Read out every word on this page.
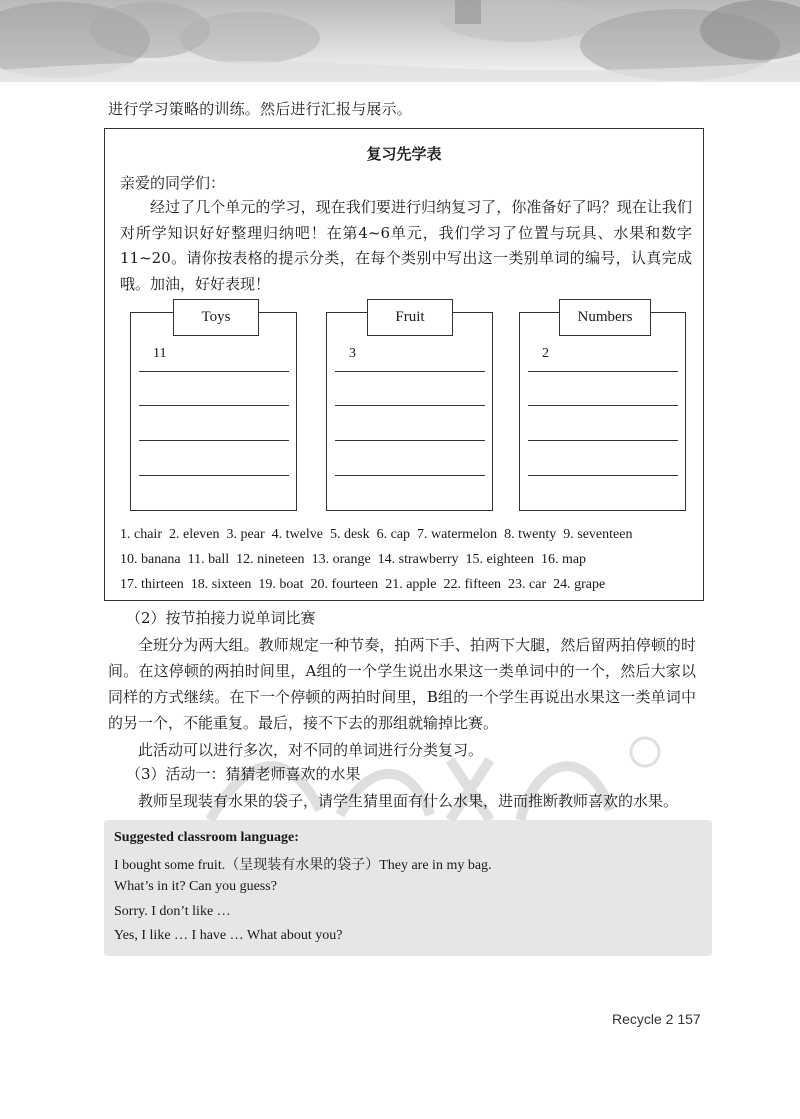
进行学习策略的训练。然后进行汇报与展示。
复习先学表
亲爱的同学们：
经过了几个单元的学习，现在我们要进行归纳复习了，你准备好了吗？现在让我们对所学知识好好整理归纳吧！在第4~6单元，我们学习了位置与玩具、水果和数字11~20。请你按表格的提示分类，在每个类别中写出这一类别单词的编号，认真完成哦。加油，好好表现！
11
Toys
3
Fruit
2
Numbers
1. chair 2. eleven 3. pear 4. twelve 5. desk 6. cap 7. watermelon 8. twenty 9. seventeen
10. banana 11. ball 12. nineteen 13. orange 14. strawberry 15. eighteen 16. map
17. thirteen 18. sixteen 19. boat 20. fourteen 21. apple 22. fifteen 23. car 24. grape
（2）按节拍接力说单词比赛
全班分为两大组。教师规定一种节奏，拍两下手、拍两下大腿，然后留两拍停顿的时间。在这停顿的两拍时间里，A组的一个学生说出水果这一类单词中的一个，然后大家以同样的方式继续。在下一个停顿的两拍时间里，B组的一个学生再说出水果这一类单词中的另一个，不能重复。最后，接不下去的那组就输掉比赛。
此活动可以进行多次，对不同的单词进行分类复习。
（3）活动一：猜猜老师喜欢的水果
教师呈现装有水果的袋子，请学生猜里面有什么水果，进而推断教师喜欢的水果。
Suggested classroom language:
I bought some fruit.（呈现装有水果的袋子）They are in my bag.
What’s in it? Can you guess?
Sorry. I don’t like …
Yes, I like … I have … What about you?
Recycle 2 157
